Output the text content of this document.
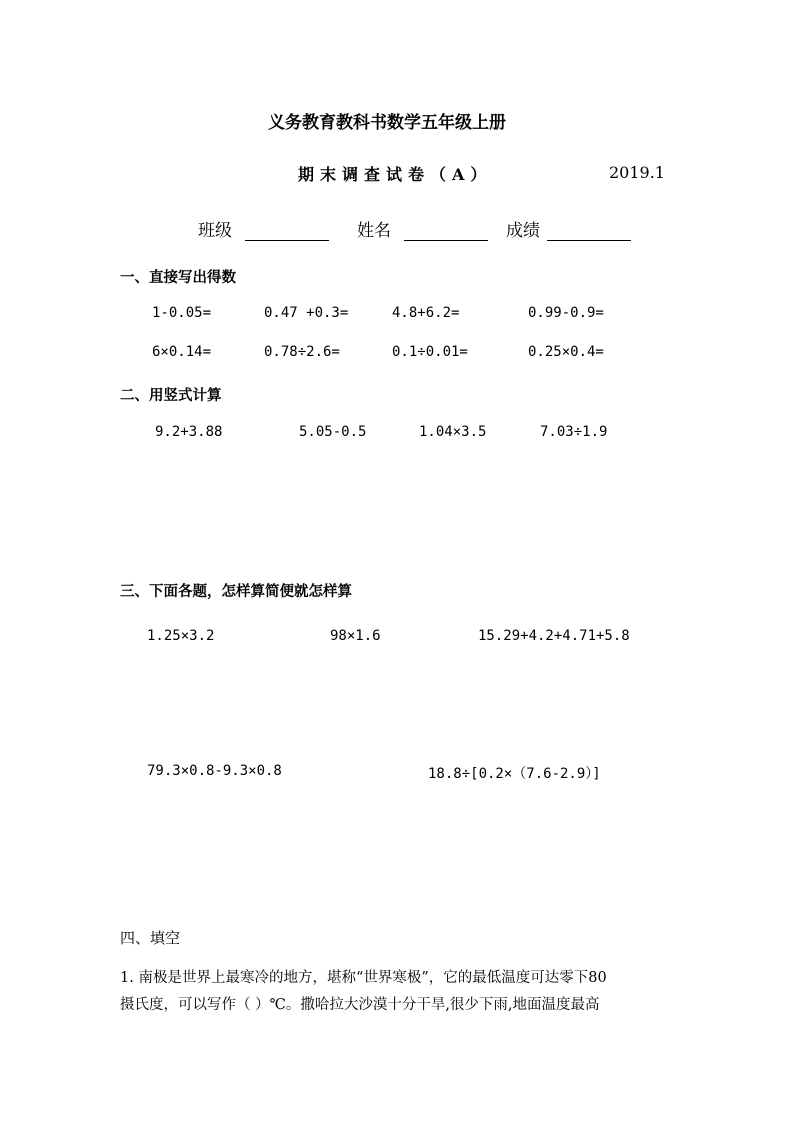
义务教育教科书数学五年级上册
期末调查试卷（A）	2019.1
班级	姓名	成绩
一、直接写出得数
1-0.05=	0.47 +0.3=	4.8+6.2=	0.99-0.9=
6×0.14=	0.78÷2.6=	0.1÷0.01=	0.25×0.4=
二、用竖式计算
9.2+3.88	5.05-0.5	1.04×3.5	7.03÷1.9
三、下面各题，怎样算简便就怎样算
1.25×3.2	98×1.6	15.29+4.2+4.71+5.8
79.3×0.8-9.3×0.8	18.8÷[0.2×（7.6-2.9）]
四、填空
1. 南极是世界上最寒冷的地方，堪称“世界寒极”，它的最低温度可达零下80
摄氏度，可以写作（ ）℃。撒哈拉大沙漠十分干旱,很少下雨,地面温度最高
